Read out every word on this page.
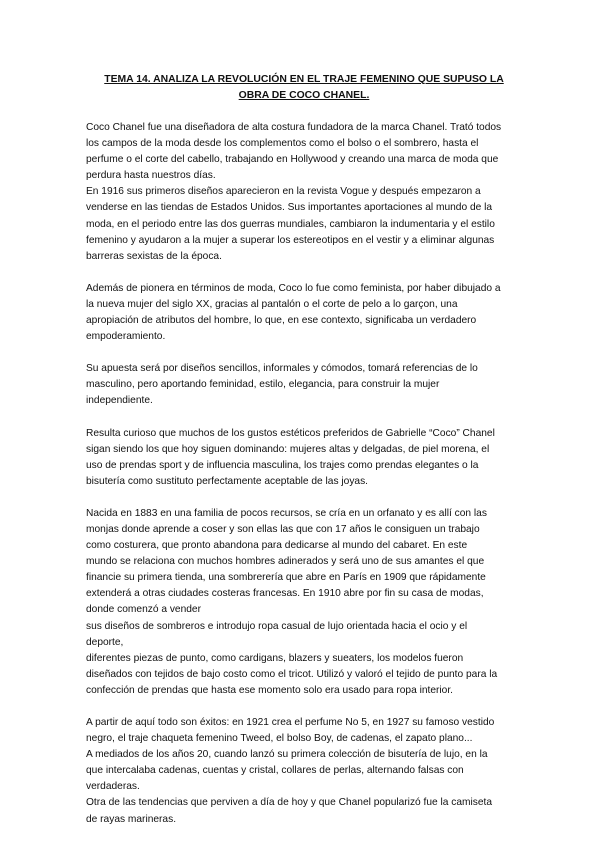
TEMA 14. ANALIZA LA REVOLUCIÓN EN EL TRAJE FEMENINO QUE SUPUSO LA
OBRA DE COCO CHANEL.
Coco Chanel fue una diseñadora de alta costura fundadora de la marca Chanel. Trató todos
los campos de la moda desde los complementos como el bolso o el sombrero, hasta el
perfume o el corte del cabello, trabajando en Hollywood y creando una marca de moda que
perdura hasta nuestros días.
En 1916 sus primeros diseños aparecieron en la revista Vogue y después empezaron a
venderse en las tiendas de Estados Unidos. Sus importantes aportaciones al mundo de la
moda, en el periodo entre las dos guerras mundiales, cambiaron la indumentaria y el estilo
femenino y ayudaron a la mujer a superar los estereotipos en el vestir y a eliminar algunas
barreras sexistas de la época.
Además de pionera en términos de moda, Coco lo fue como feminista, por haber dibujado a
la nueva mujer del siglo XX, gracias al pantalón o el corte de pelo a lo garçon, una
apropiación de atributos del hombre, lo que, en ese contexto, significaba un verdadero
empoderamiento.
Su apuesta será por diseños sencillos, informales y cómodos, tomará referencias de lo
masculino, pero aportando feminidad, estilo, elegancia, para construir la mujer
independiente.
Resulta curioso que muchos de los gustos estéticos preferidos de Gabrielle “Coco” Chanel
sigan siendo los que hoy siguen dominando: mujeres altas y delgadas, de piel morena, el
uso de prendas sport y de influencia masculina, los trajes como prendas elegantes o la
bisutería como sustituto perfectamente aceptable de las joyas.
Nacida en 1883 en una familia de pocos recursos, se cría en un orfanato y es allí con las
monjas donde aprende a coser y son ellas las que con 17 años le consiguen un trabajo
como costurera, que pronto abandona para dedicarse al mundo del cabaret. En este
mundo se relaciona con muchos hombres adinerados y será uno de sus amantes el que
financie su primera tienda, una sombrerería que abre en París en 1909 que rápidamente
extenderá a otras ciudades costeras francesas. En 1910 abre por fin su casa de modas,
donde comenzó a vender
sus diseños de sombreros e introdujo ropa casual de lujo orientada hacia el ocio y el
deporte,
diferentes piezas de punto, como cardigans, blazers y sueaters, los modelos fueron
diseñados con tejidos de bajo costo como el tricot. Utilizó y valoró el tejido de punto para la
confección de prendas que hasta ese momento solo era usado para ropa interior.
A partir de aquí todo son éxitos: en 1921 crea el perfume No 5, en 1927 su famoso vestido
negro, el traje chaqueta femenino Tweed, el bolso Boy, de cadenas, el zapato plano...
A mediados de los años 20, cuando lanzó su primera colección de bisutería de lujo, en la
que intercalaba cadenas, cuentas y cristal, collares de perlas, alternando falsas con
verdaderas.
Otra de las tendencias que perviven a día de hoy y que Chanel popularizó fue la camiseta
de rayas marineras.
